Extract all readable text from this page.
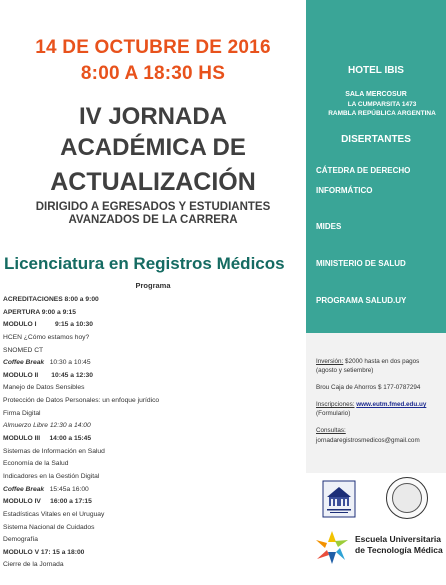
14 DE OCTUBRE DE 2016
8:00 A 18:30 HS
IV JORNADA
ACADÉMICA DE
ACTUALIZACIÓN
DIRIGIDO A EGRESADOS Y ESTUDIANTES
AVANZADOS DE LA CARRERA
Licenciatura en Registros Médicos
Programa
ACREDITACIONES 8:00 a 9:00
APERTURA 9:00 a 9:15
MODULO I          9:15 a 10:30
HCEN ¿Cómo estamos hoy?
SNOMED CT
Coffee Break   10:30 a 10:45
MODULO II       10:45 a 12:30
Manejo de Datos Sensibles
Protección de Datos Personales: un enfoque jurídico
Firma Digital
Almuerzo Libre 12:30 a 14:00
MODULO III     14:00 a 15:45
Sistemas de Información en Salud
Economía de la Salud
Indicadores en la Gestión Digital
Coffee Break   15:45a 16:00
MODULO IV     16:00 a 17:15
Estadísticas Vitales en el Uruguay
Sistema Nacional de Cuidados
Demografía
MODULO V 17: 15 a 18:00
Cierre de la Jornada
HOTEL IBIS
SALA MERCOSUR
LA CUMPARSITA 1473
RAMBLA REPÚBLICA ARGENTINA
DISERTANTES
CÁTEDRA DE DERECHO
INFORMÁTICO
MIDES
MINISTERIO DE SALUD
PROGRAMA SALUD.UY
Inversión: $2000 hasta en dos pagos
(agosto y setiembre)
Brou Caja de Ahorros $ 177-0787294
Inscripciones: www.eutm.fmed.edu.uy
(Formulario)
Consultas:
jornadaregistrosmedicos@gmail.com
Escuela Universitaria
de Tecnología Médica
